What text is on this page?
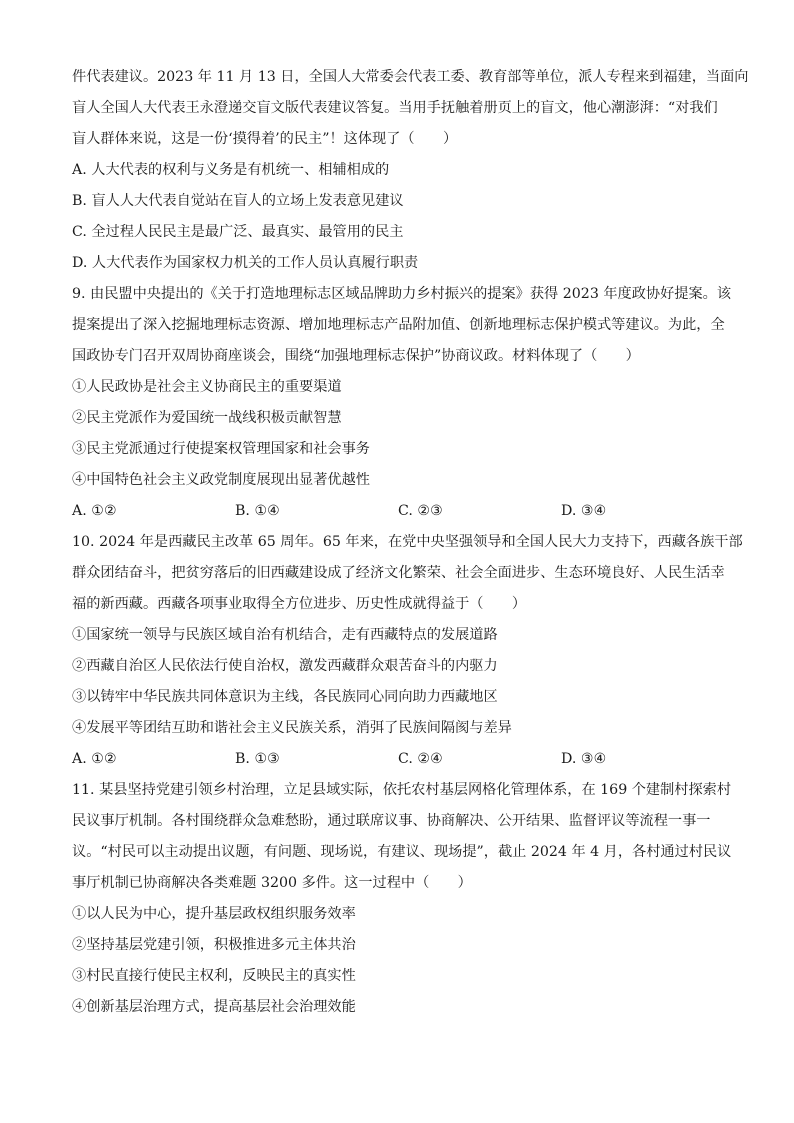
件代表建议。2023 年 11 月 13 日，全国人大常委会代表工委、教育部等单位，派人专程来到福建，当面向

盲人全国人大代表王永澄递交盲文版代表建议答复。当用手抚触着册页上的盲文，他心潮澎湃：“对我们

盲人群体来说，这是一份‘摸得着’的民主”！这体现了（　　）

A. 人大代表的权利与义务是有机统一、相辅相成的

B. 盲人人大代表自觉站在盲人的立场上发表意见建议

C. 全过程人民民主是最广泛、最真实、最管用的民主

D. 人大代表作为国家权力机关的工作人员认真履行职责

9. 由民盟中央提出的《关于打造地理标志区域品牌助力乡村振兴的提案》获得 2023 年度政协好提案。该

提案提出了深入挖掘地理标志资源、增加地理标志产品附加值、创新地理标志保护模式等建议。为此，全

国政协专门召开双周协商座谈会，围绕“加强地理标志保护”协商议政。材料体现了（　　）

①人民政协是社会主义协商民主的重要渠道

②民主党派作为爱国统一战线积极贡献智慧

③民主党派通过行使提案权管理国家和社会事务

④中国特色社会主义政党制度展现出显著优越性

A. ①②	B. ①④	C. ②③	D. ③④

10. 2024 年是西藏民主改革 65 周年。65 年来，在党中央坚强领导和全国人民大力支持下，西藏各族干部

群众团结奋斗，把贫穷落后的旧西藏建设成了经济文化繁荣、社会全面进步、生态环境良好、人民生活幸

福的新西藏。西藏各项事业取得全方位进步、历史性成就得益于（　　）

①国家统一领导与民族区域自治有机结合，走有西藏特点的发展道路

②西藏自治区人民依法行使自治权，激发西藏群众艰苦奋斗的内驱力

③以铸牢中华民族共同体意识为主线，各民族同心同向助力西藏地区

④发展平等团结互助和谐社会主义民族关系，消弭了民族间隔阂与差异

A. ①②	B. ①③	C. ②④	D. ③④

11. 某县坚持党建引领乡村治理，立足县域实际，依托农村基层网格化管理体系，在 169 个建制村探索村

民议事厅机制。各村围绕群众急难愁盼，通过联席议事、协商解决、公开结果、监督评议等流程一事一

议。“村民可以主动提出议题，有问题、现场说，有建议、现场提”，截止 2024 年 4 月，各村通过村民议

事厅机制已协商解决各类难题 3200 多件。这一过程中（　　）

①以人民为中心，提升基层政权组织服务效率

②坚持基层党建引领，积极推进多元主体共治

③村民直接行使民主权利，反映民主的真实性

④创新基层治理方式，提高基层社会治理效能
